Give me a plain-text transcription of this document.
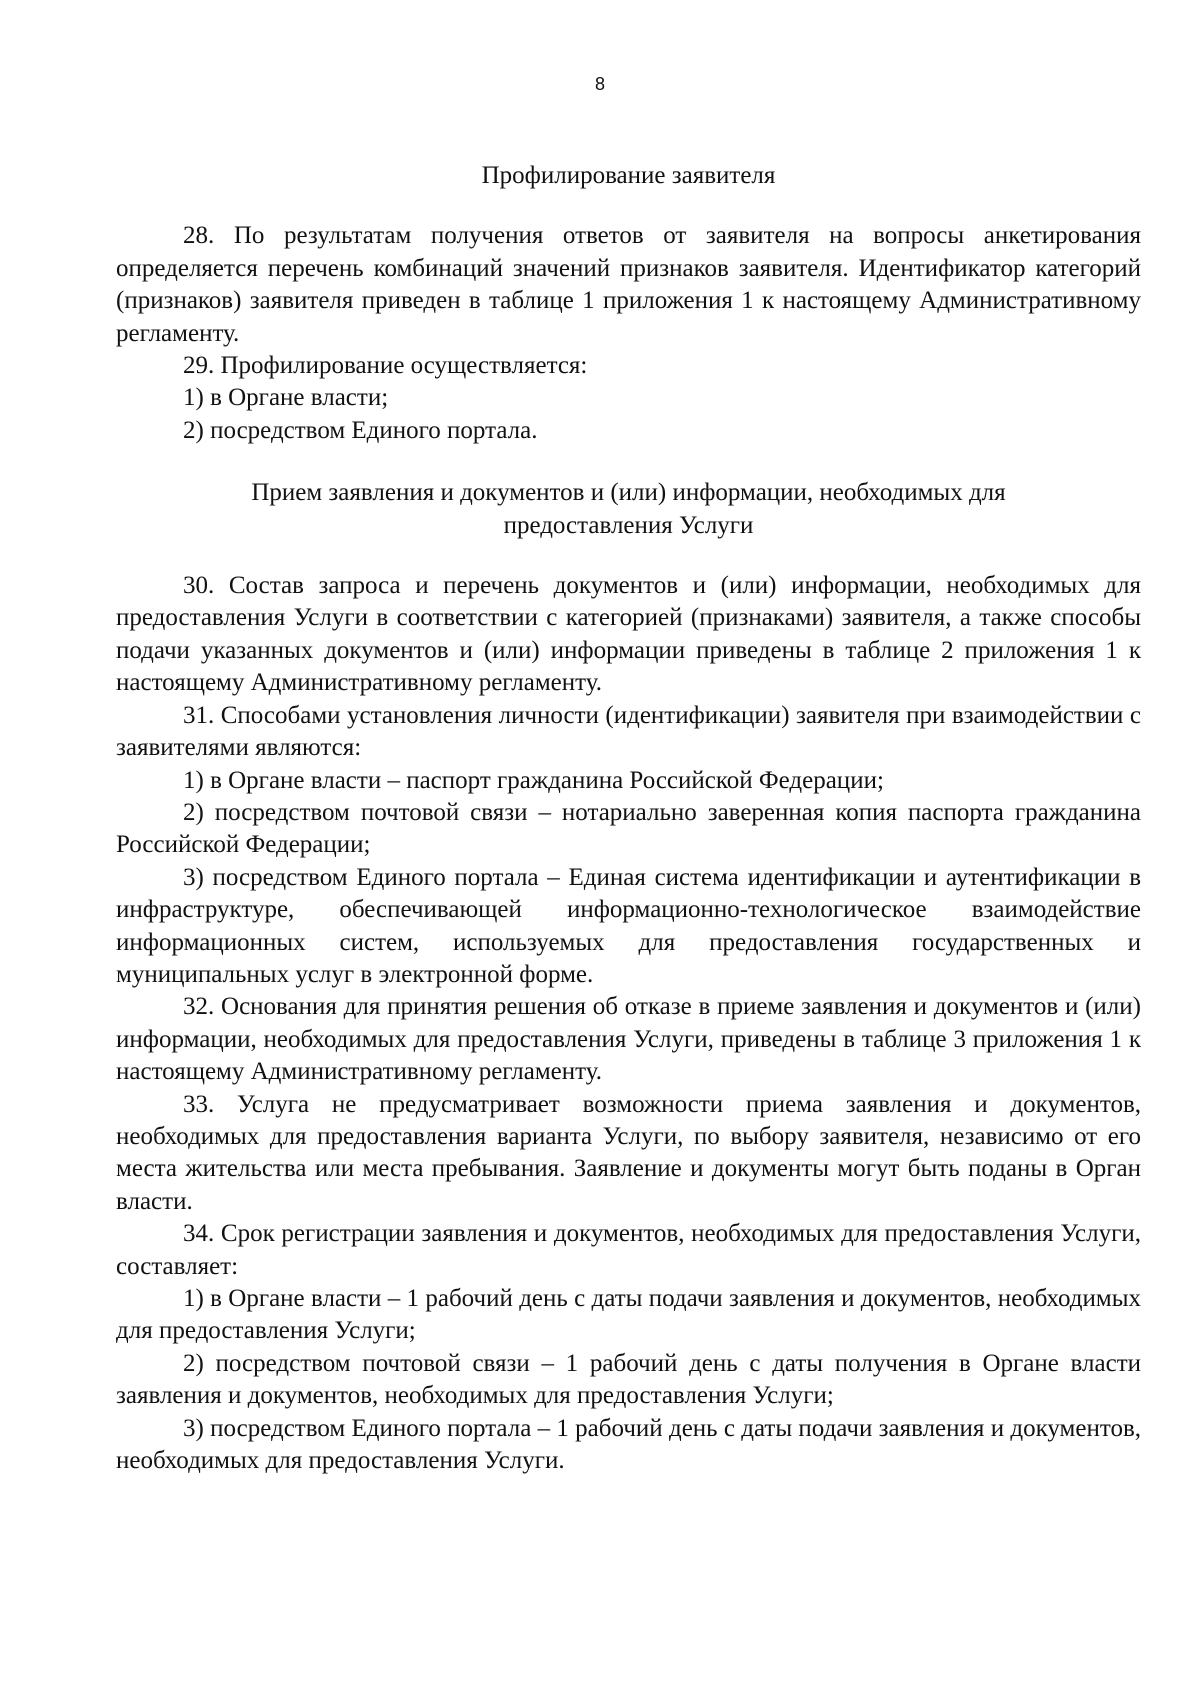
8

Профилирование заявителя

28. По результатам получения ответов от заявителя на вопросы анкетирования определяется перечень комбинаций значений признаков заявителя. Идентификатор категорий (признаков) заявителя приведен в таблице 1 приложения 1 к настоящему Административному регламенту.

29. Профилирование осуществляется:

1) в Органе власти;

2) посредством Единого портала.

Прием заявления и документов и (или) информации, необходимых для
предоставления Услуги

30. Состав запроса и перечень документов и (или) информации, необходимых для предоставления Услуги в соответствии с категорией (признаками) заявителя, а также способы подачи указанных документов и (или) информации приведены в таблице 2 приложения 1 к настоящему Административному регламенту.

31. Способами установления личности (идентификации) заявителя при взаимодействии с заявителями являются:

1) в Органе власти – паспорт гражданина Российской Федерации;

2) посредством почтовой связи – нотариально заверенная копия паспорта гражданина Российской Федерации;

3) посредством Единого портала – Единая система идентификации и аутентификации в инфраструктуре, обеспечивающей информационно-технологическое взаимодействие информационных систем, используемых для предоставления государственных и муниципальных услуг в электронной форме.

32. Основания для принятия решения об отказе в приеме заявления и документов и (или) информации, необходимых для предоставления Услуги, приведены в таблице 3 приложения 1 к настоящему Административному регламенту.

33. Услуга не предусматривает возможности приема заявления и документов, необходимых для предоставления варианта Услуги, по выбору заявителя, независимо от его места жительства или места пребывания. Заявление и документы могут быть поданы в Орган власти.

34. Срок регистрации заявления и документов, необходимых для предоставления Услуги, составляет:

1) в Органе власти – 1 рабочий день с даты подачи заявления и документов, необходимых для предоставления Услуги;

2) посредством почтовой связи – 1 рабочий день с даты получения в Органе власти заявления и документов, необходимых для предоставления Услуги;

3) посредством Единого портала – 1 рабочий день с даты подачи заявления и документов, необходимых для предоставления Услуги.
